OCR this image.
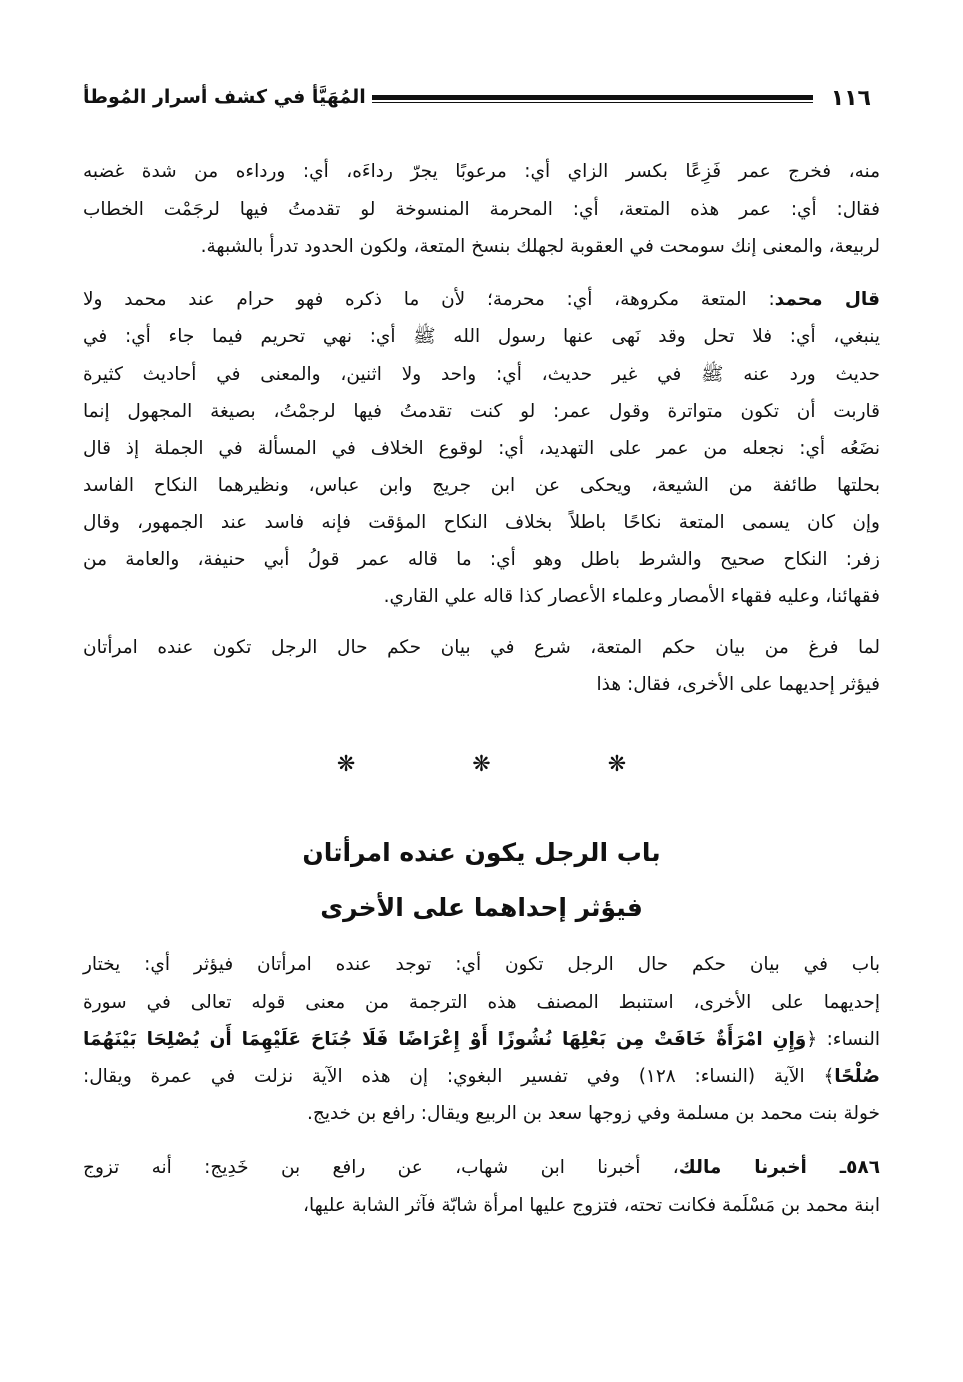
١١٦
المُهَيَّأ في كشف أسرار المُوطأ
منه، فخرج عمر فَزِعًا بكسر الزاي أي: مرعوبًا يجرّ رداءَه، أي: ورداءه من شدة غضبه
فقال: أي: عمر هذه المتعة، أي: المحرمة المنسوخة لو تقدمتُ فيها لرجَمْت الخطاب
لربيعة، والمعنى إنك سومحت في العقوبة لجهلك بنسخ المتعة، ولكون الحدود تدرأ بالشبهة.
قال محمد: المتعة مكروهة، أي: محرمة؛ لأن ما ذكره فهو حرام عند محمد ولا
ينبغي، أي: فلا تحل وقد نَهى عنها رسول الله ﷺ أي: نهي تحريم فيما جاء أي: في
حديث ورد عنه ﷺ في غير حديث، أي: واحد ولا اثنين، والمعنى في أحاديث كثيرة
قاربت أن تكون متواترة وقول عمر: لو كنت تقدمتُ فيها لرجمْتُ، بصيغة المجهول إنما
نضَعُه أي: نجعله من عمر على التهديد، أي: لوقوع الخلاف في المسألة في الجملة إذ قال
بحلتها طائفة من الشيعة، ويحكى عن ابن جريج وابن عباس، ونظيرهما النكاح الفاسد
وإن كان يسمى المتعة نكاحًا باطلاً بخلاف النكاح المؤقت فإنه فاسد عند الجمهور، وقال
زفر: النكاح صحيح والشرط باطل وهو أي: ما قاله عمر قولُ أبي حنيفة، والعامة من
فقهائنا، وعليه فقهاء الأمصار وعلماء الأعصار كذا قاله علي القاري.
لما فرغ من بيان حكم المتعة، شرع في بيان حكم حال الرجل تكون عنده امرأتان
فيؤثر إحديهما على الأخرى، فقال: هذا
باب في بيان حكم حال الرجل تكون أي: توجد عنده امرأتان فيؤثر أي: يختار
إحديهما على الأخرى، استنبط المصنف هذه الترجمة من معنى قوله تعالى في سورة
النساء: ﴿وَإِنِ امْرَأَةٌ خَافَتْ مِن بَعْلِهَا نُشُوزًا أَوْ إِعْرَاضًا فَلَا جُنَاحَ عَلَيْهِمَا أَن يُصْلِحَا بَيْنَهُمَا
صُلْحًا﴾ الآية (النساء: ١٢٨) وفي تفسير البغوي: إن هذه الآية نزلت في عمرة ويقال:
خولة بنت محمد بن مسلمة وفي زوجها سعد بن الربيع ويقال: رافع بن خديج.
٥٨٦ـ أخبرنا مالك، أخبرنا ابن شهاب، عن رافع بن خَدِيج: أنه تزوج
ابنة محمد بن مَسْلَمة فكانت تحته، فتزوج عليها امرأة شابّة فآثر الشابة عليها،
❋	❋	❋
باب الرجل يكون عنده امرأتان
فيؤثر إحداهما على الأخرى
